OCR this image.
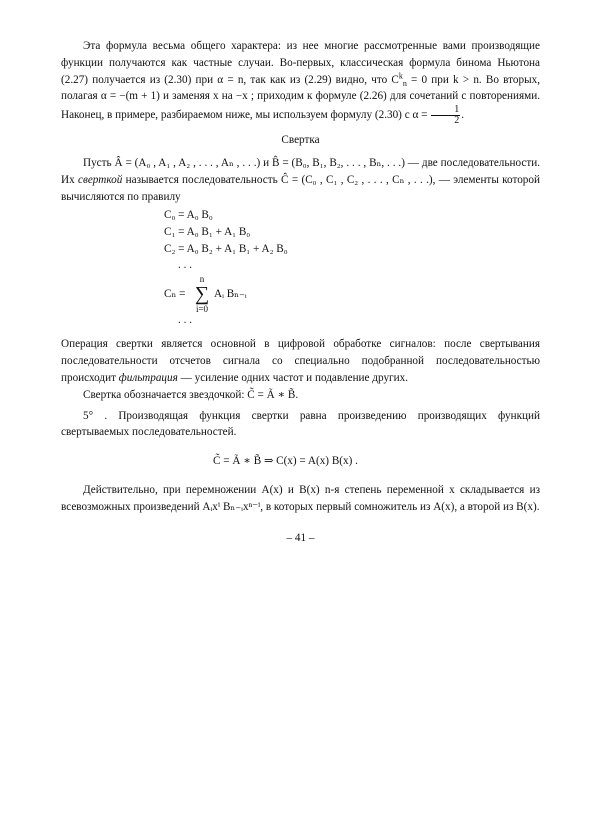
Эта формула весьма общего характера: из нее многие рассмотренные вами производящие функции получаются как частные случаи. Во-первых, классическая формула бинома Ньютона (2.27) получается из (2.30) при α = n, так как из (2.29) видно, что $C^k_n = 0$ при k > n. Во вторых, полагая α = −(m + 1) и заменяя x на −x ; приходим к формуле (2.26) для сочетаний с повторениями. Наконец, в примере, разбираемом ниже, мы используем формулу (2.30) с $\alpha = \frac{1}{2}$ .

Свертка

Пусть Â = (A₀ , A₁ , A₂ , . . . , Aₙ , . . .) и B̂ = (B₀, B₁, B₂, . . . , Bₙ, . . .) — две последовательности. Их сверткой называется последовательность Ĉ = (C₀ , C₁ , C₂ , . . . , Cₙ , . . .), — элементы которой вычисляются по правилу

C₀ = A₀ B₀
C₁ = A₀ B₁ + A₁ B₀
C₂ = A₀ B₂ + A₁ B₁ + A₂ B₀
. . .
Cₙ =
n
∑
i=0
Aᵢ Bₙ₋ᵢ
. . .

Операция свертки является основной в цифровой обработке сигналов: после свертывания последовательности отсчетов сигнала со специально подобранной последовательностью происходит фильтрация — усиление одних частот и подавление других.

Свертка обозначается звездочкой: C̃ = Ã ∗ B̃.

5° . Производящая функция свертки равна произведению производящих функций свертываемых последовательностей.

C̃ = Ã ∗ B̃ ⇒ C(x) = A(x) B(x) .

Действительно, при перемножении A(x) и B(x) n-я степень переменной x складывается из всевозможных произведений Aᵢxⁱ Bₙ₋ᵢxⁿ⁻ⁱ, в которых первый сомножитель из A(x), а второй из B(x).

– 41 –
